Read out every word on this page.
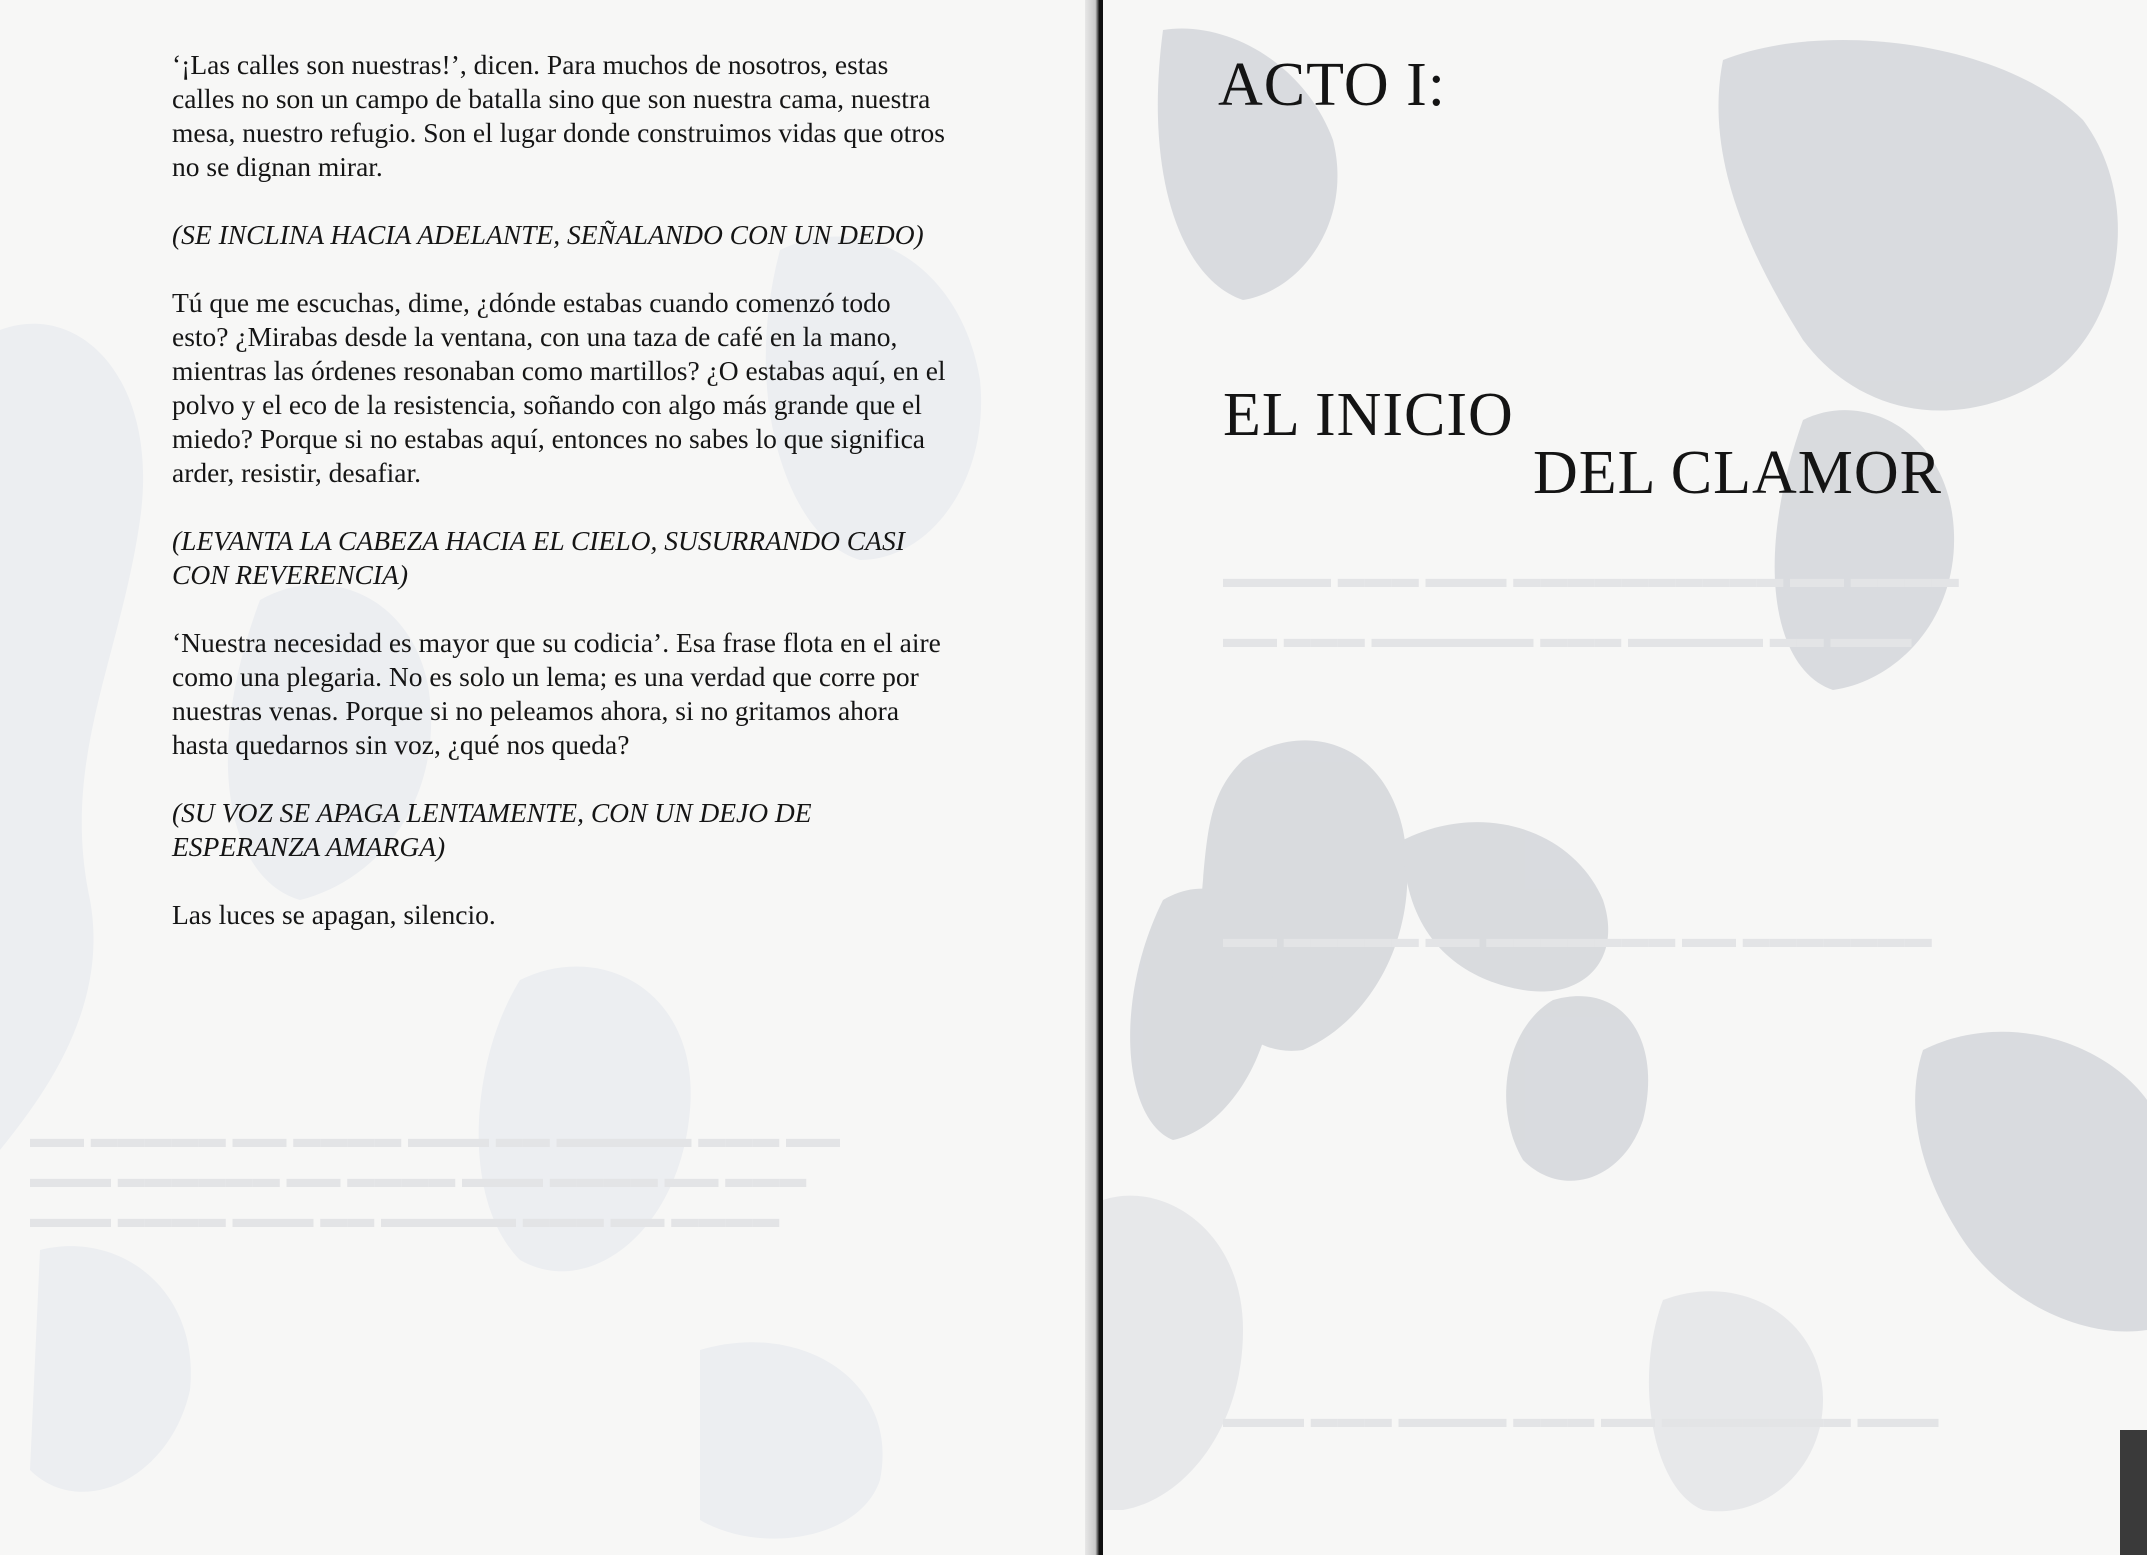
▬▬ ▬▬▬ ▬▬▬▬▬ ▬▬ ▬▬▬ ▬▬▬▬ ▬▬ ▬▬▬▬▬ ▬▬
▬▬▬ ▬▬ ▬▬▬▬ ▬▬▬ ▬▬▬▬ ▬▬ ▬▬▬▬▬▬ ▬▬▬
▬▬▬▬ ▬▬ ▬▬▬ ▬▬▬▬▬ ▬▬ ▬▬▬ ▬▬▬▬ ▬▬▬

‘¡Las calles son nuestras!’, dicen. Para muchos de nosotros, estas calles no son un campo de batalla sino que son nuestra cama, nuestra mesa, nuestro refugio. Son el lugar donde construimos vidas que otros no se dignan mirar.

(SE INCLINA HACIA ADELANTE, SEÑALANDO CON UN DEDO)

Tú que me escuchas, dime, ¿dónde estabas cuando comenzó todo esto? ¿Mirabas desde la ventana, con una taza de café en la mano, mientras las órdenes resonaban como martillos? ¿O estabas aquí, en el polvo y el eco de la resistencia, soñando con algo más grande que el miedo? Porque si no estabas aquí, entonces no sabes lo que significa arder, resistir, desafiar.

(LEVANTA LA CABEZA HACIA EL CIELO, SUSURRANDO CASI CON REVERENCIA)

‘Nuestra necesidad es mayor que su codicia’. Esa frase flota en el aire como una plegaria. No es solo un lema; es una verdad que corre por nuestras venas. Porque si no peleamos ahora, si no gritamos ahora hasta quedarnos sin voz, ¿qué nos queda?

(SU VOZ SE APAGA LENTAMENTE, CON UN DEJO DE ESPERANZA AMARGA)

Las luces se apagan, silencio.

▬▬▬▬ ▬▬ ▬▬▬▬▬▬▬▬▬▬ ▬▬▬ ▬▬▬ ▬▬▬▬
▬▬▬ ▬▬ ▬▬▬▬▬ ▬▬▬ ▬▬▬▬▬▬ ▬▬▬ ▬▬
▬▬▬▬▬▬▬ ▬▬ ▬▬▬▬▬▬▬ ▬▬ ▬▬▬▬▬ ▬▬
▬▬▬ ▬▬▬▬▬▬▬ ▬▬ ▬▬▬ ▬▬▬▬ ▬▬▬ ▬▬▬
ACTO I:
EL INICIO
DEL CLAMOR
